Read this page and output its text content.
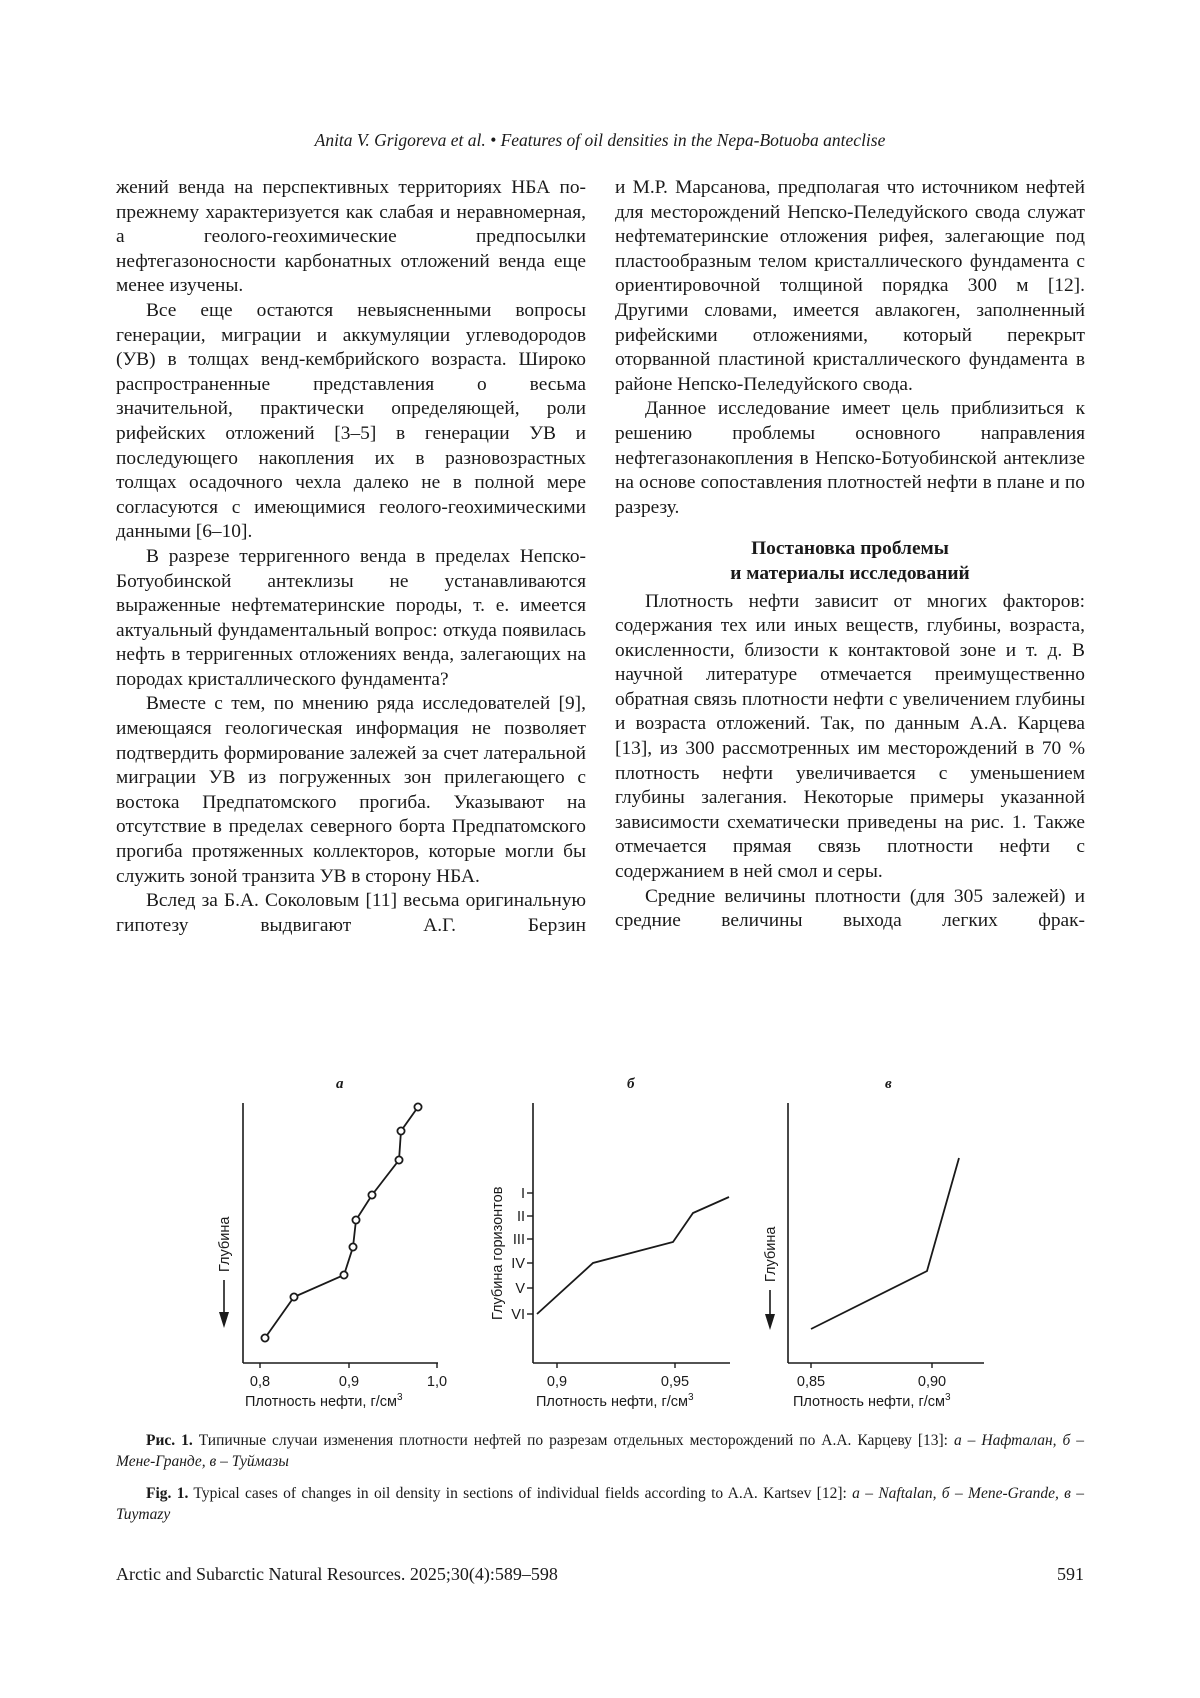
Anita V. Grigoreva et al. • Features of oil densities in the Nepa-Botuoba anteclise

жений венда на перспективных территориях НБА по-прежнему характеризуется как слабая и неравномерная, а геолого-геохимические предпосылки нефтегазоносности карбонатных отложений венда еще менее изучены.

Все еще остаются невыясненными вопросы генерации, миграции и аккумуляции углеводородов (УВ) в толщах венд-кембрийского возраста. Широко распространенные представления о весьма значительной, практически определяющей, роли рифейских отложений [3–5] в генерации УВ и последующего накопления их в разновозрастных толщах осадочного чехла далеко не в полной мере согласуются с имеющимися геолого-геохимическими данными [6–10].

В разрезе терригенного венда в пределах Непско-Ботуобинской антеклизы не устанавливаются выраженные нефтематеринские породы, т. е. имеется актуальный фундаментальный вопрос: откуда появилась нефть в терригенных отложениях венда, залегающих на породах кристаллического фундамента?

Вместе с тем, по мнению ряда исследователей [9], имеющаяся геологическая информация не позволяет подтвердить формирование залежей за счет латеральной миграции УВ из погруженных зон прилегающего с востока Предпатомского прогиба. Указывают на отсутствие в пределах северного борта Предпатомского прогиба протяженных коллекторов, которые могли бы служить зоной транзита УВ в сторону НБА.

Вслед за Б.А. Соколовым [11] весьма оригинальную гипотезу выдвигают А.Г. Берзин

и М.Р. Марсанова, предполагая что источником нефтей для месторождений Непско-Пеледуйского свода служат нефтематеринские отложения рифея, залегающие под пластообразным телом кристаллического фундамента с ориентировочной толщиной порядка 300 м [12]. Другими словами, имеется авлакоген, заполненный рифейскими отложениями, который перекрыт оторванной пластиной кристаллического фундамента в районе Непско-Пеледуйского свода.

Данное исследование имеет цель приблизиться к решению проблемы основного направления нефтегазонакопления в Непско-Ботуобинской антеклизе на основе сопоставления плотностей нефти в плане и по разрезу.

Постановка проблемы
и материалы исследований

Плотность нефти зависит от многих факторов: содержания тех или иных веществ, глубины, возраста, окисленности, близости к контактовой зоне и т. д. В научной литературе отмечается преимущественно обратная связь плотности нефти с увеличением глубины и возраста отложений. Так, по данным А.А. Карцева [13], из 300 рассмотренных им месторождений в 70 % плотность нефти увеличивается с уменьшением глубины залегания. Некоторые примеры указанной зависимости схематически приведены на рис. 1. Также отмечается прямая связь плотности нефти с содержанием в ней смол и серы.

Средние величины плотности (для 305 залежей) и средние величины выхода легких фрак-

а	б	в
0,8	0,9	1,0	0,9	0,95	0,85	0,90
I
II
III
IV
V
VI
Плотность нефти, $г/см^3$	Плотность нефти, $г/см^3$	Плотность нефти, $г/см^3$
Глубина	Глубина горизонтов	Глубина
Рис. 1. Типичные случаи изменения плотности нефтей по разрезам отдельных месторождений по А.А. Карцеву [13]: а – Нафталан, б – Мене-Гранде, в – Туймазы
Fig. 1. Typical cases of changes in oil density in sections of individual fields according to A.A. Kartsev [12]: а – Naftalan, б – Mene-Grande, в – Tuymazy
Arctic and Subarctic Natural Resources. 2025;30(4):589–598	591
